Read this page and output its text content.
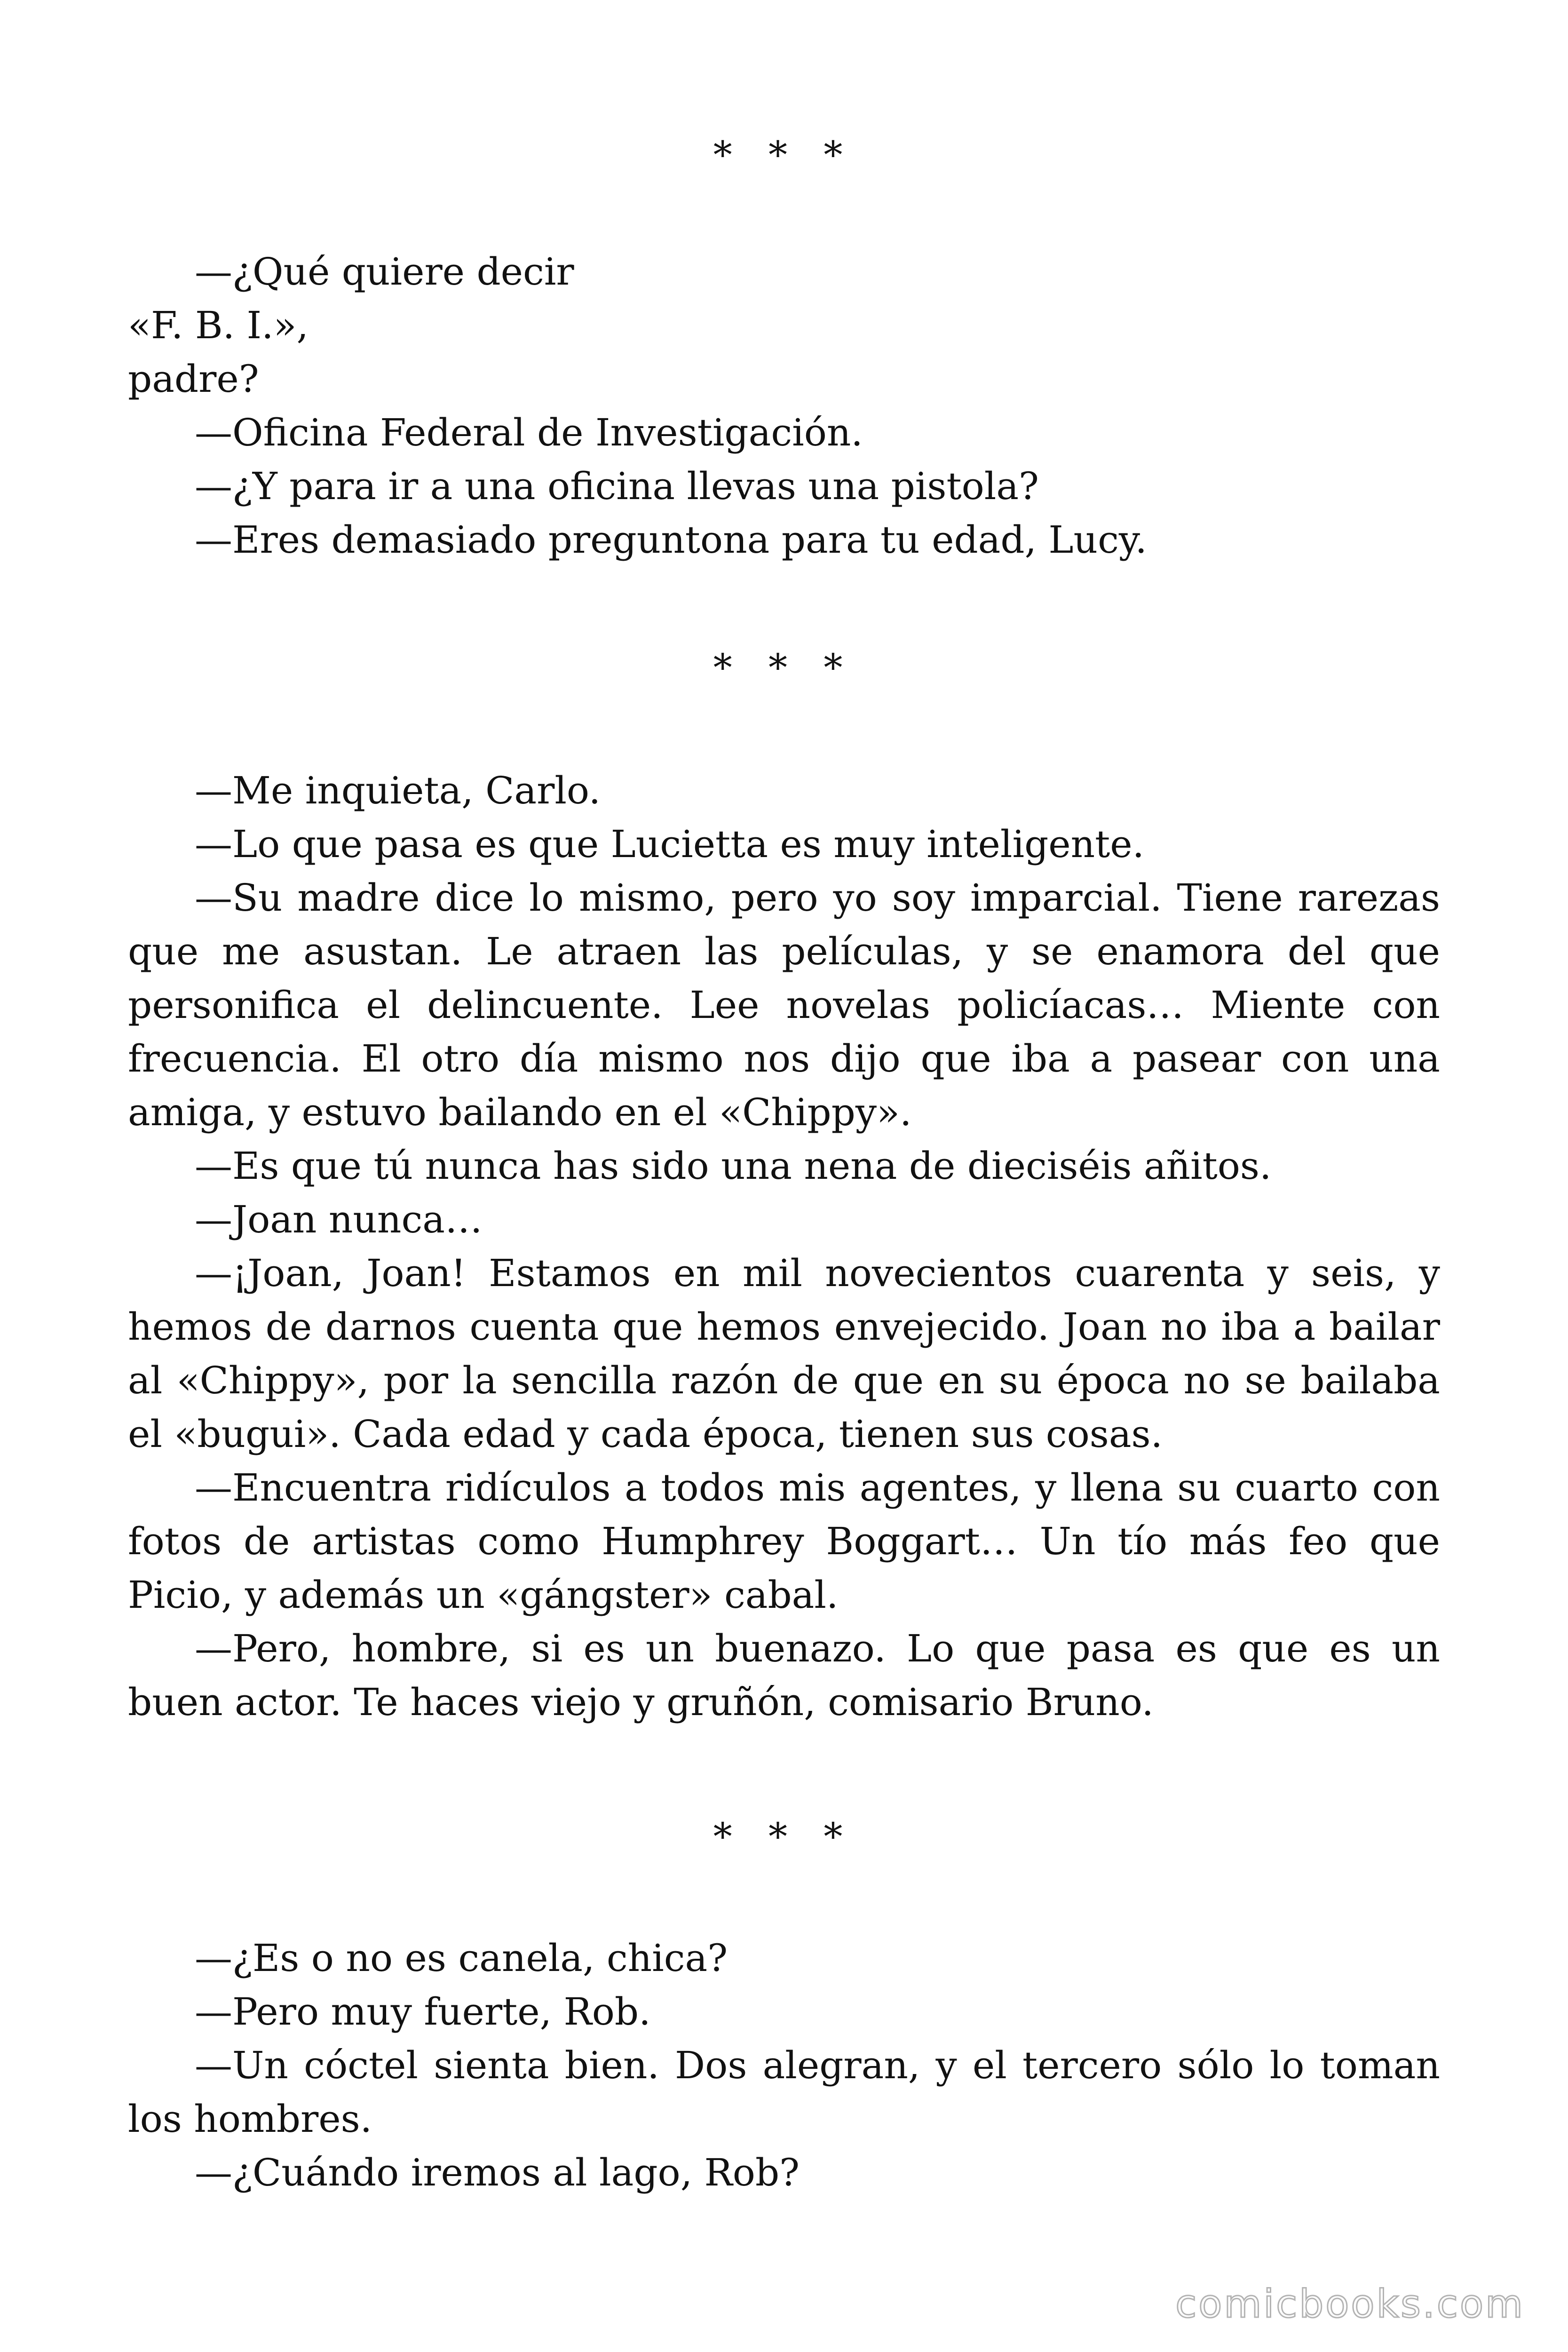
* * *

—¿Qué quiere decir

«F. B. I.»,

padre?

—Oficina Federal de Investigación.

—¿Y para ir a una oficina llevas una pistola?

—Eres demasiado preguntona para tu edad, Lucy.

* * *

—Me inquieta, Carlo.

—Lo que pasa es que Lucietta es muy inteligente.

—Su madre dice lo mismo, pero yo soy imparcial. Tiene rarezas que me asustan. Le atraen las películas, y se enamora del que personifica el delincuente. Lee novelas policíacas… Miente con frecuencia. El otro día mismo nos dijo que iba a pasear con una amiga, y estuvo bailando en el «Chippy».

—Es que tú nunca has sido una nena de dieciséis añitos.

—Joan nunca…

—¡Joan, Joan! Estamos en mil novecientos cuarenta y seis, y hemos de darnos cuenta que hemos envejecido. Joan no iba a bailar al «Chippy», por la sencilla razón de que en su época no se bailaba el «bugui». Cada edad y cada época, tienen sus cosas.

—Encuentra ridículos a todos mis agentes, y llena su cuarto con fotos de artistas como Humphrey Boggart… Un tío más feo que Picio, y además un «gángster» cabal.

—Pero, hombre, si es un buenazo. Lo que pasa es que es un buen actor. Te haces viejo y gruñón, comisario Bruno.

* * *

—¿Es o no es canela, chica?

—Pero muy fuerte, Rob.

—Un cóctel sienta bien. Dos alegran, y el tercero sólo lo toman los hombres.

—¿Cuándo iremos al lago, Rob?

comicbooks.com
